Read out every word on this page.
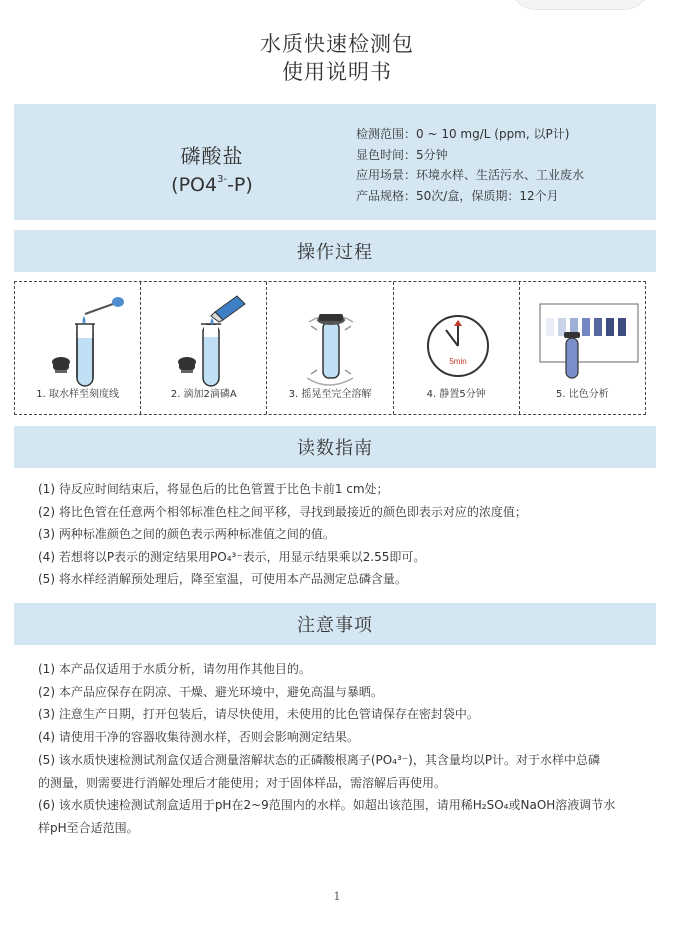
水质快速检测包
使用说明书
磷酸盐
$(PO4^{3-}-P)$
检测范围：0 ~ 10 mg/L (ppm, 以P计)
显色时间：5分钟
应用场景：环境水样、生活污水、工业废水
产品规格：50次/盒，保质期：12个月
操作过程
1. 取水样至刻度线	2. 滴加2滴磷A	3. 摇晃至完全溶解
5min
4. 静置5分钟	5. 比色分析
读数指南
(1) 待反应时间结束后，将显色后的比色管置于比色卡前1 cm处；
(2) 将比色管在任意两个相邻标准色柱之间平移，寻找到最接近的颜色即表示对应的浓度值；
(3) 两种标准颜色之间的颜色表示两种标准值之间的值。
(4) 若想将以P表示的测定结果用PO₄³⁻表示，用显示结果乘以2.55即可。
(5) 将水样经消解预处理后，降至室温，可使用本产品测定总磷含量。
注意事项
(1) 本产品仅适用于水质分析，请勿用作其他目的。
(2) 本产品应保存在阴凉、干燥、避光环境中，避免高温与暴晒。
(3) 注意生产日期，打开包装后，请尽快使用，未使用的比色管请保存在密封袋中。
(4) 请使用干净的容器收集待测水样，否则会影响测定结果。
(5) 该水质快速检测试剂盒仅适合测量溶解状态的正磷酸根离子(PO₄³⁻)，其含量均以P计。对于水样中总磷
的测量，则需要进行消解处理后才能使用；对于固体样品，需溶解后再使用。
(6) 该水质快速检测试剂盒适用于pH在2~9范围内的水样。如超出该范围，请用稀H₂SO₄或NaOH溶液调节水
样pH至合适范围。
1
